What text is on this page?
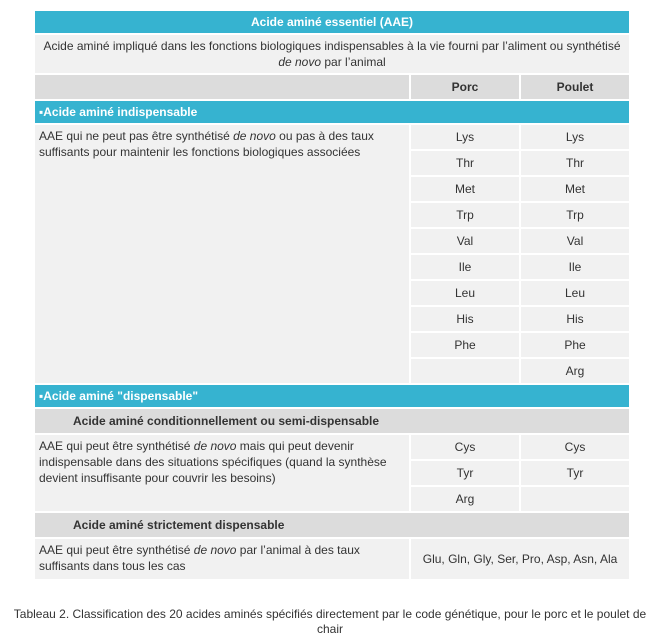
Acide aminé essentiel (AAE)		
Acide aminé impliqué dans les fonctions biologiques indispensables à la vie fourni par l’aliment ou synthétisé de novo par l’animal		
	Porc	Poulet
▪Acide aminé indispensable		
AAE qui ne peut pas être synthétisé de novo ou pas à des taux suffisants pour maintenir les fonctions biologiques associées	Lys	Lys
	Thr	Thr
	Met	Met
	Trp	Trp
	Val	Val
	Ile	Ile
	Leu	Leu
	His	His
	Phe	Phe
		Arg
▪Acide aminé "dispensable"		
Acide aminé conditionnellement ou semi-dispensable		
AAE qui peut être synthétisé de novo mais qui peut devenir indispensable dans des situations spécifiques (quand la synthèse devient insuffisante pour couvrir les besoins)	Cys	Cys
	Tyr	Tyr
	Arg	
Acide aminé strictement dispensable		
AAE qui peut être synthétisé de novo par l’animal à des taux suffisants dans tous les cas	Glu, Gln, Gly, Ser, Pro, Asp, Asn, Ala	
Tableau 2. Classification des 20 acides aminés spécifiés directement par le code génétique, pour le porc et le poulet de chair
